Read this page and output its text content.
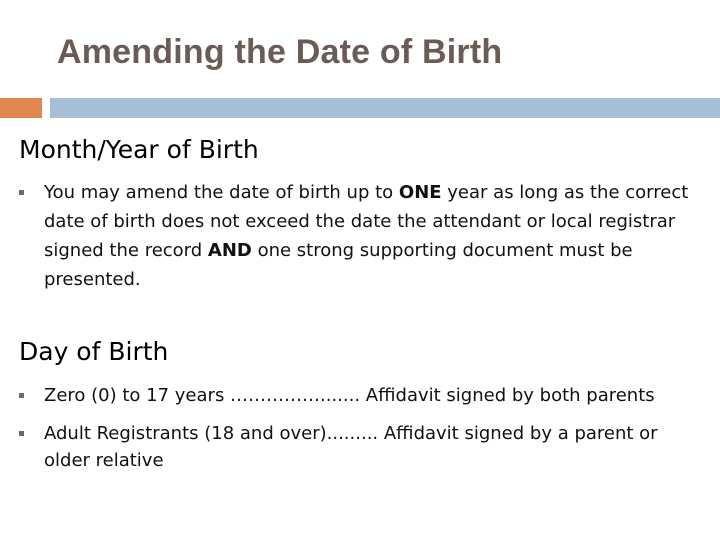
Amending the Date of Birth
Month/Year of Birth
You may amend the date of birth up to ONE year as long as the correct date of birth does not exceed the date the attendant or local registrar signed the record AND one strong supporting document must be presented.
Day of Birth
Zero (0) to 17 years ……………....... Affidavit signed by both parents
Adult Registrants (18 and over)......... Affidavit signed by a parent or older relative
